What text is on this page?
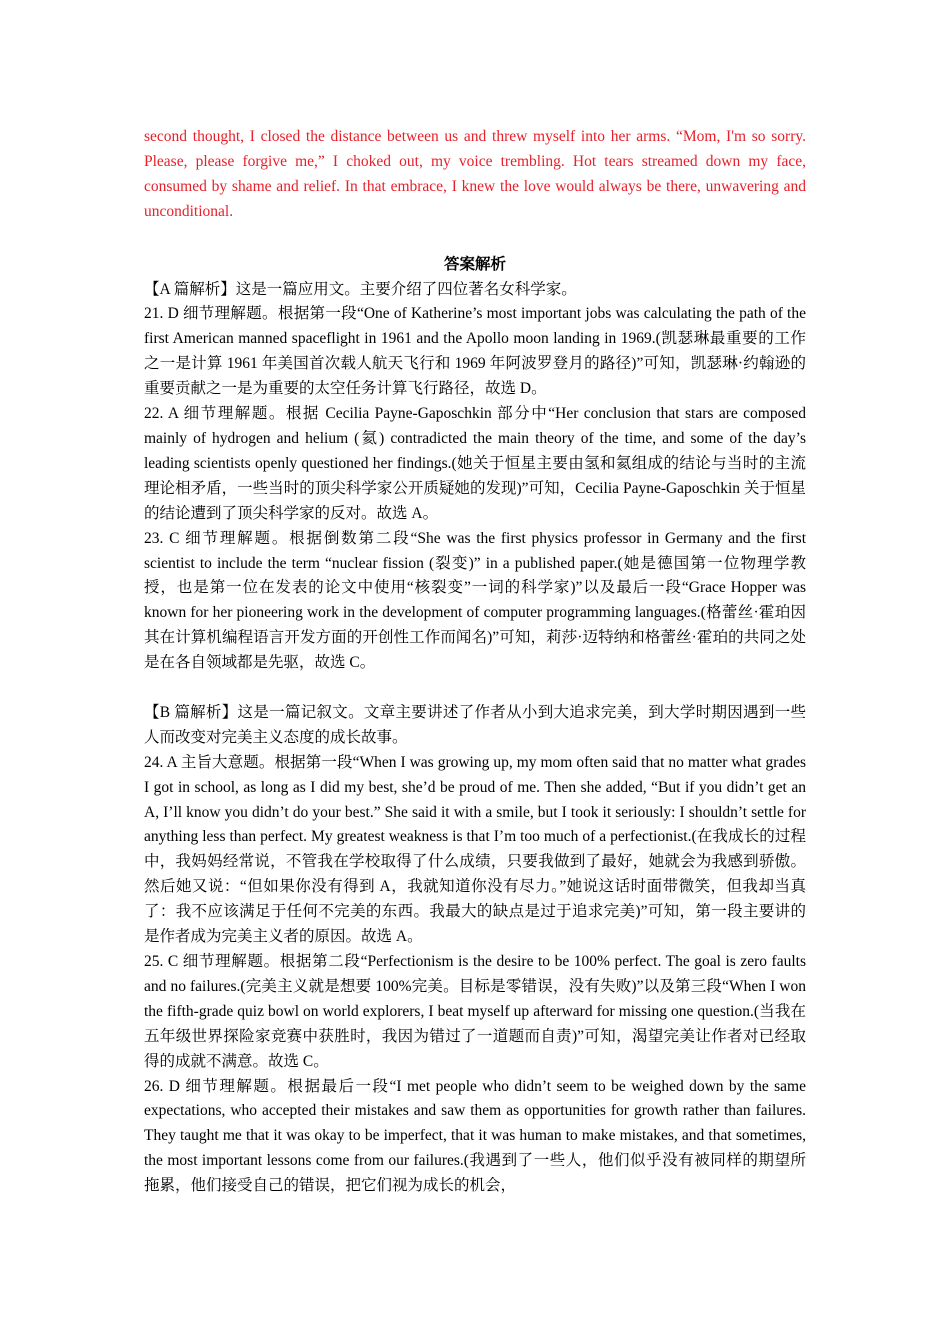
second thought, I closed the distance between us and threw myself into her arms. “Mom, I'm so sorry. Please, please forgive me,” I choked out, my voice trembling. Hot tears streamed down my face, consumed by shame and relief. In that embrace, I knew the love would always be there, unwavering and unconditional.

答案解析

【A 篇解析】这是一篇应用文。主要介绍了四位著名女科学家。

21. D 细节理解题。根据第一段“One of Katherine’s most important jobs was calculating the path of the first American manned spaceflight in 1961 and the Apollo moon landing in 1969.(凯瑟琳最重要的工作之一是计算 1961 年美国首次载人航天飞行和 1969 年阿波罗登月的路径)”可知，凯瑟琳·约翰逊的重要贡献之一是为重要的太空任务计算飞行路径，故选 D。

22. A 细节理解题。根据 Cecilia Payne-Gaposchkin 部分中“Her conclusion that stars are composed mainly of hydrogen and helium (氦) contradicted the main theory of the time, and some of the day’s leading scientists openly questioned her findings.(她关于恒星主要由氢和氦组成的结论与当时的主流理论相矛盾，一些当时的顶尖科学家公开质疑她的发现)”可知，Cecilia Payne-Gaposchkin 关于恒星的结论遭到了顶尖科学家的反对。故选 A。

23. C 细节理解题。根据倒数第二段“She was the first physics professor in Germany and the first scientist to include the term “nuclear fission (裂变)” in a published paper.(她是德国第一位物理学教授，也是第一位在发表的论文中使用“核裂变”一词的科学家)”以及最后一段“Grace Hopper was known for her pioneering work in the development of computer programming languages.(格蕾丝·霍珀因其在计算机编程语言开发方面的开创性工作而闻名)”可知，莉莎·迈特纳和格蕾丝·霍珀的共同之处是在各自领域都是先驱，故选 C。

【B 篇解析】这是一篇记叙文。文章主要讲述了作者从小到大追求完美，到大学时期因遇到一些人而改变对完美主义态度的成长故事。

24. A 主旨大意题。根据第一段“When I was growing up, my mom often said that no matter what grades I got in school, as long as I did my best, she’d be proud of me. Then she added, “But if you didn’t get an A, I’ll know you didn’t do your best.” She said it with a smile, but I took it seriously: I shouldn’t settle for anything less than perfect. My greatest weakness is that I’m too much of a perfectionist.(在我成长的过程中，我妈妈经常说，不管我在学校取得了什么成绩，只要我做到了最好，她就会为我感到骄傲。然后她又说：“但如果你没有得到 A，我就知道你没有尽力。”她说这话时面带微笑，但我却当真了：我不应该满足于任何不完美的东西。我最大的缺点是过于追求完美)”可知，第一段主要讲的是作者成为完美主义者的原因。故选 A。

25. C 细节理解题。根据第二段“Perfectionism is the desire to be 100% perfect. The goal is zero faults and no failures.(完美主义就是想要 100%完美。目标是零错误，没有失败)”以及第三段“When I won the fifth-grade quiz bowl on world explorers, I beat myself up afterward for missing one question.(当我在五年级世界探险家竞赛中获胜时，我因为错过了一道题而自责)”可知，渴望完美让作者对已经取得的成就不满意。故选 C。

26. D 细节理解题。根据最后一段“I met people who didn’t seem to be weighed down by the same expectations, who accepted their mistakes and saw them as opportunities for growth rather than failures. They taught me that it was okay to be imperfect, that it was human to make mistakes, and that sometimes, the most important lessons come from our failures.(我遇到了一些人，他们似乎没有被同样的期望所拖累，他们接受自己的错误，把它们视为成长的机会，
